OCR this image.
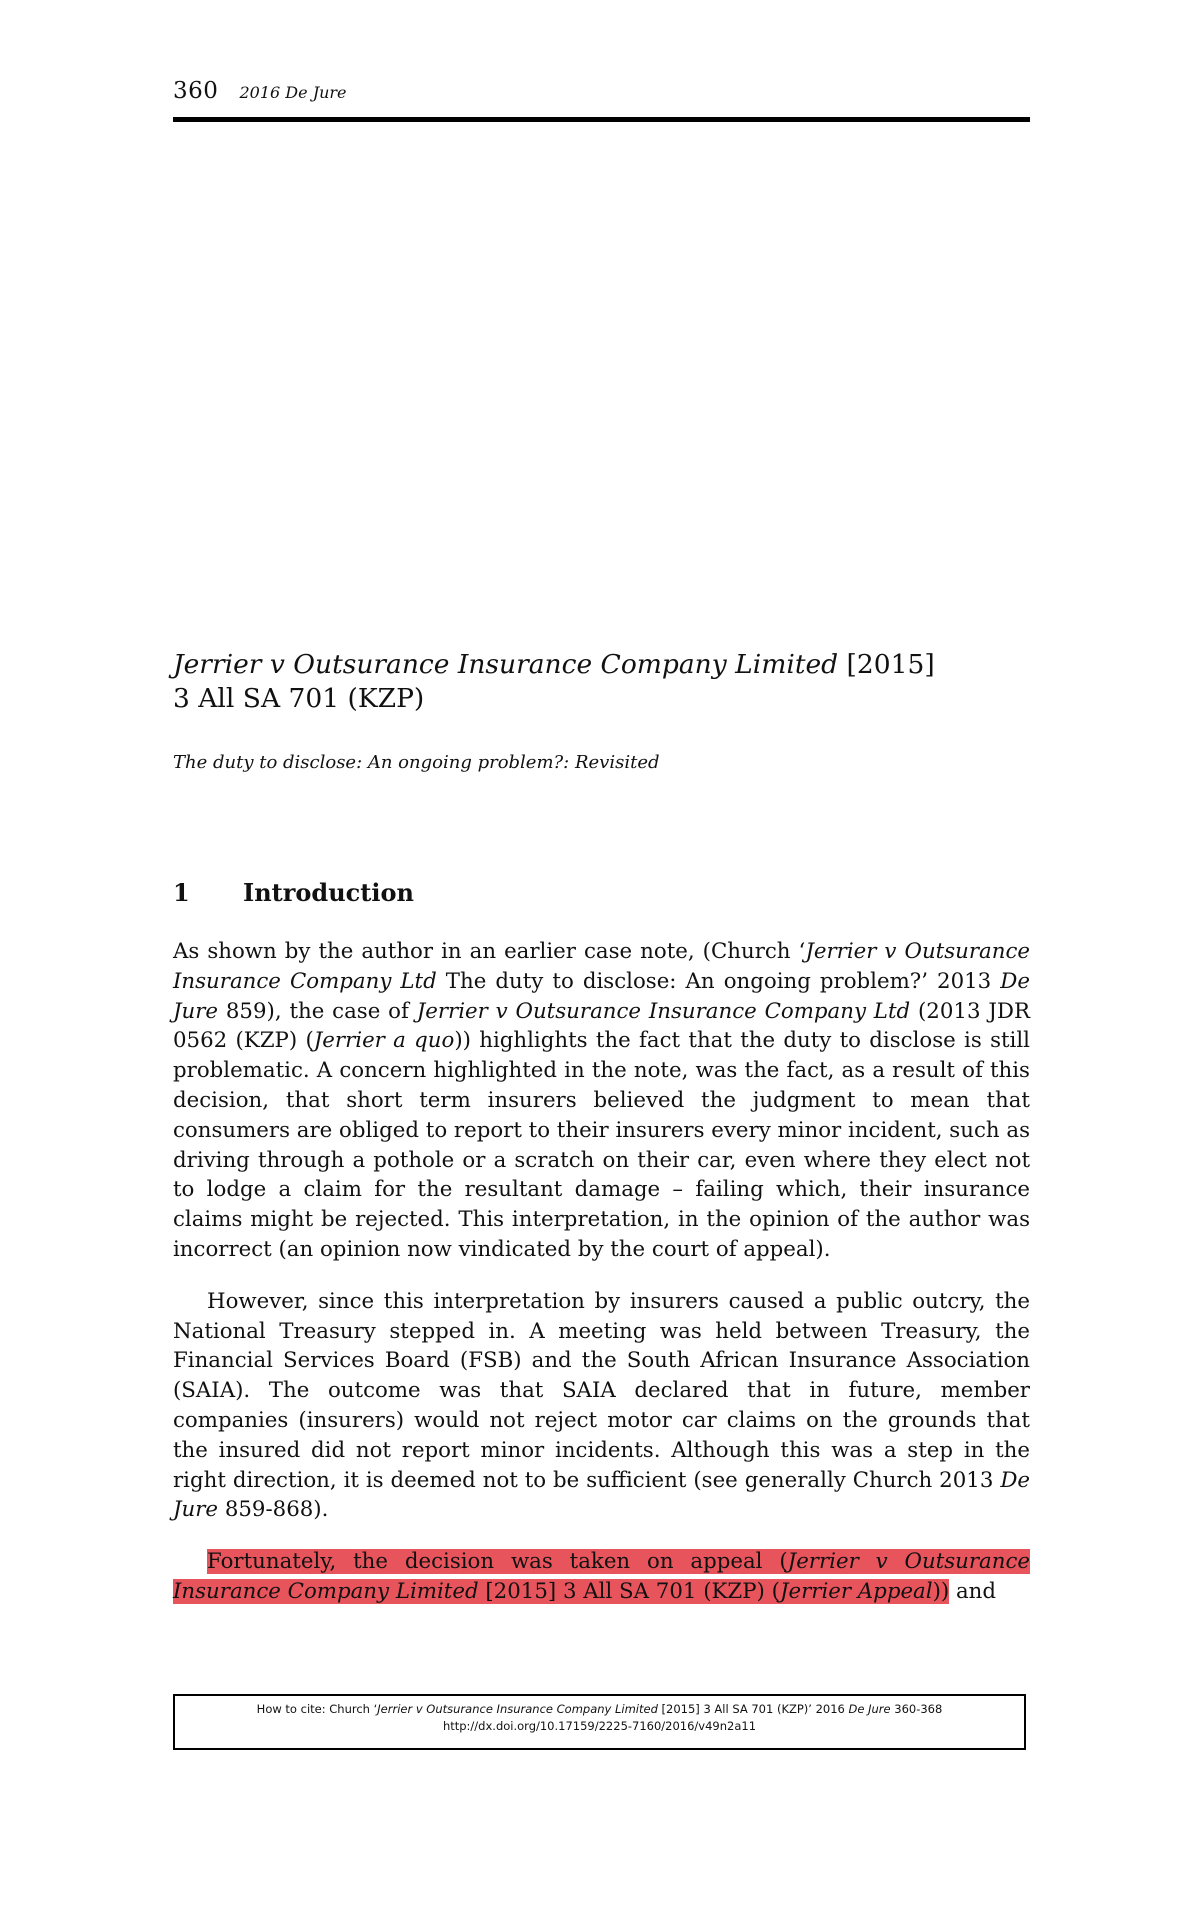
360 2016 De Jure
Jerrier v Outsurance Insurance Company Limited [2015]
3 All SA 701 (KZP)

The duty to disclose: An ongoing problem?: Revisited

1 Introduction

As shown by the author in an earlier case note, (Church ‘Jerrier v Outsurance Insurance Company Ltd The duty to disclose: An ongoing problem?’ 2013 De Jure 859), the case of Jerrier v Outsurance Insurance Company Ltd (2013 JDR 0562 (KZP) (Jerrier a quo)) highlights the fact that the duty to disclose is still problematic. A concern highlighted in the note, was the fact, as a result of this decision, that short term insurers believed the judgment to mean that consumers are obliged to report to their insurers every minor incident, such as driving through a pothole or a scratch on their car, even where they elect not to lodge a claim for the resultant damage – failing which, their insurance claims might be rejected. This interpretation, in the opinion of the author was incorrect (an opinion now vindicated by the court of appeal).

However, since this interpretation by insurers caused a public outcry, the National Treasury stepped in. A meeting was held between Treasury, the Financial Services Board (FSB) and the South African Insurance Association (SAIA). The outcome was that SAIA declared that in future, member companies (insurers) would not reject motor car claims on the grounds that the insured did not report minor incidents. Although this was a step in the right direction, it is deemed not to be sufficient (see generally Church 2013 De Jure 859-868).

Fortunately, the decision was taken on appeal (Jerrier v Outsurance Insurance Company Limited [2015] 3 All SA 701 (KZP) (Jerrier Appeal)) and

How to cite: Church ‘Jerrier v Outsurance Insurance Company Limited [2015] 3 All SA 701 (KZP)’ 2016 De Jure 360-368
http://dx.doi.org/10.17159/2225-7160/2016/v49n2a11
